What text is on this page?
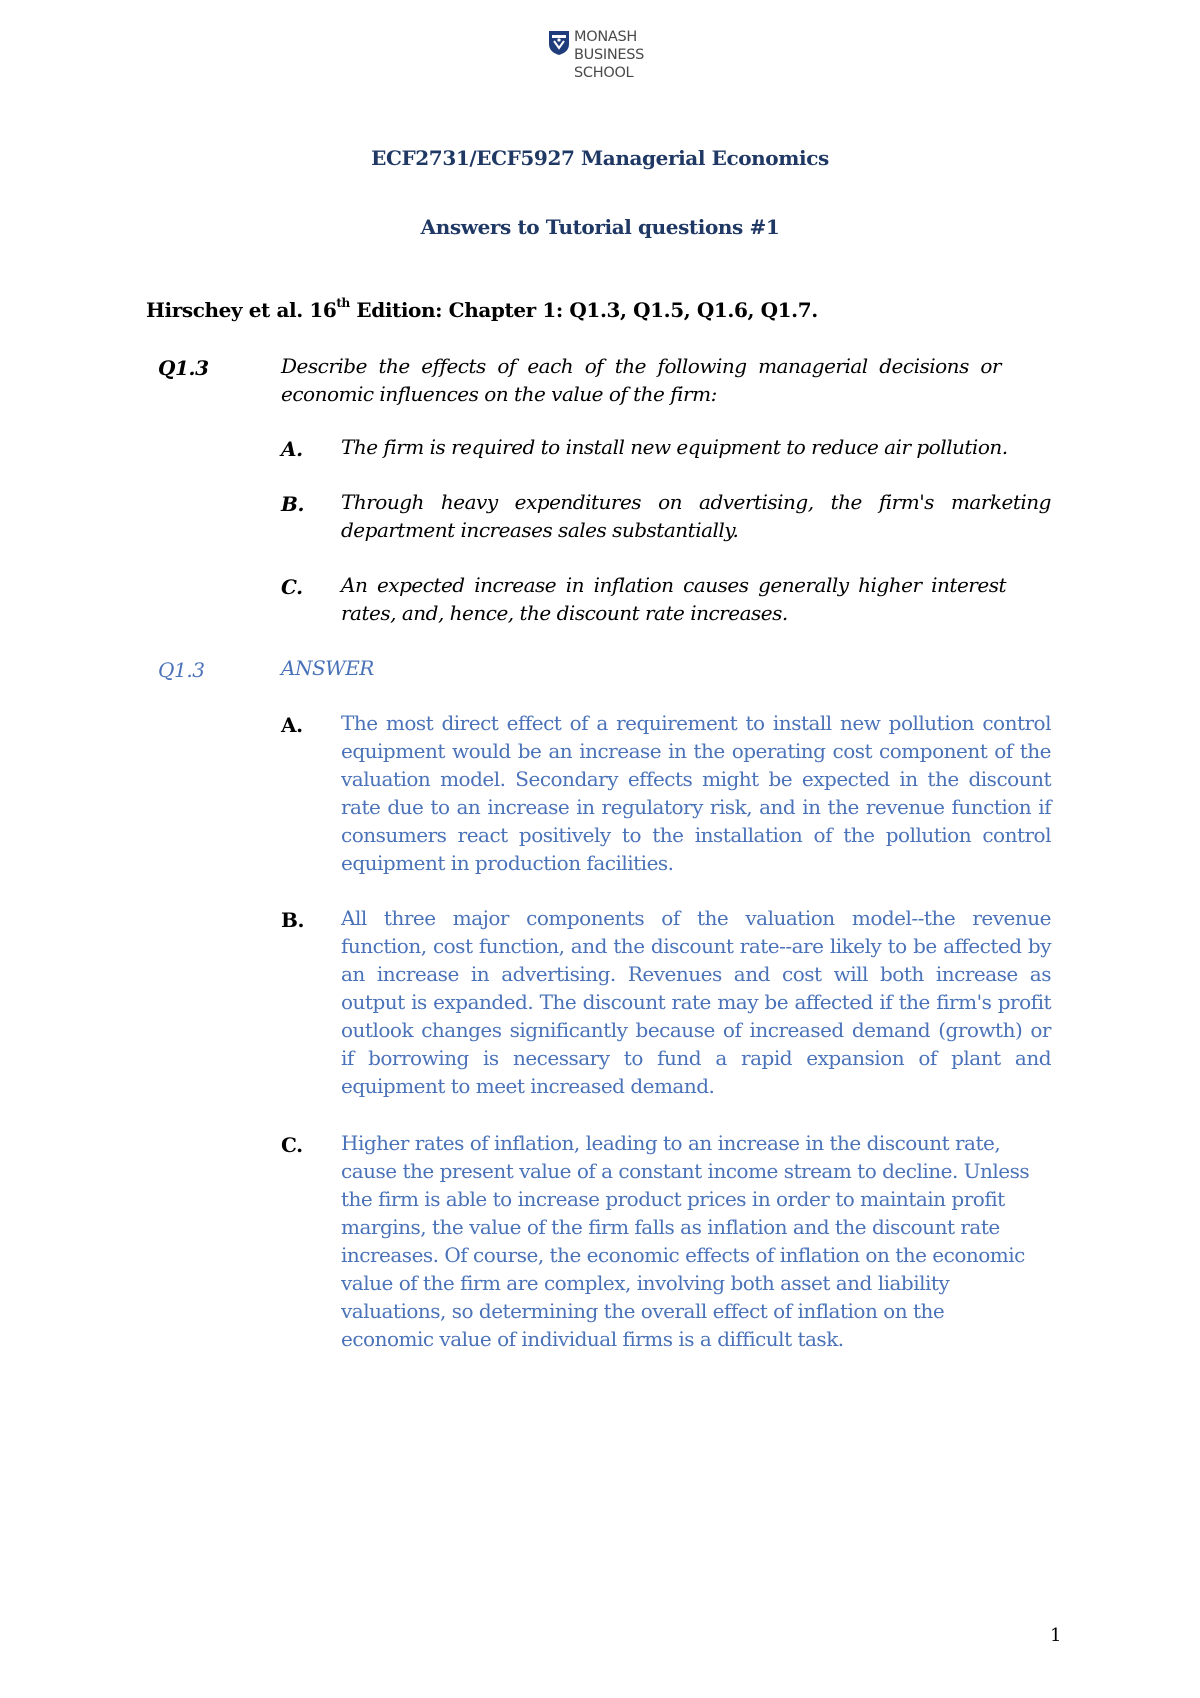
MONASH
BUSINESS
SCHOOL
ECF2731/ECF5927 Managerial Economics
Answers to Tutorial questions #1
Hirschey et al. 16th Edition: Chapter 1: Q1.3, Q1.5, Q1.6, Q1.7.
Q1.3	Describe the effects of each of the following managerial decisions or economic influences on the value of the firm:
A. The firm is required to install new equipment to reduce air pollution.
B. Through heavy expenditures on advertising, the firm's marketing department increases sales substantially.
C. An expected increase in inflation causes generally higher interest rates, and, hence, the discount rate increases.
Q1.3	ANSWER
A. The most direct effect of a requirement to install new pollution control equipment would be an increase in the operating cost component of the valuation model. Secondary effects might be expected in the discount rate due to an increase in regulatory risk, and in the revenue function if consumers react positively to the installation of the pollution control equipment in production facilities.
B. All three major components of the valuation model--the revenue function, cost function, and the discount rate--are likely to be affected by an increase in advertising. Revenues and cost will both increase as output is expanded. The discount rate may be affected if the firm's profit outlook changes significantly because of increased demand (growth) or if borrowing is necessary to fund a rapid expansion of plant and equipment to meet increased demand.
C. Higher rates of inflation, leading to an increase in the discount rate, cause the present value of a constant income stream to decline. Unless the firm is able to increase product prices in order to maintain profit margins, the value of the firm falls as inflation and the discount rate increases. Of course, the economic effects of inflation on the economic value of the firm are complex, involving both asset and liability valuations, so determining the overall effect of inflation on the economic value of individual firms is a difficult task.
1
